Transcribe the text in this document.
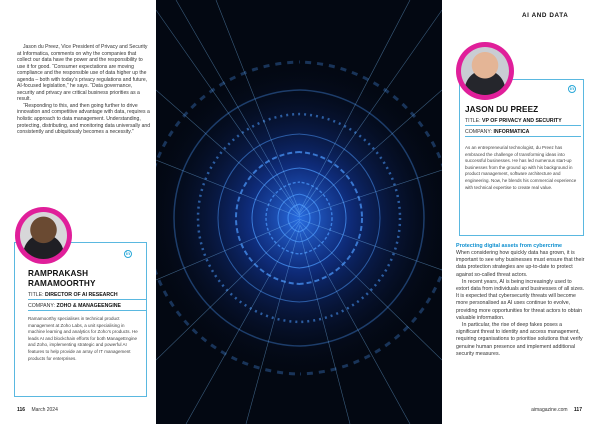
Jason du Preez, Vice President of Privacy and Security at Informatica, comments on why the companies that collect our data have the power and the responsibility to use it for good. “Consumer expectations are moving compliance and the responsible use of data higher up the agenda – both with today’s privacy regulations and future, AI-focused legislation,” he says. “Data governance, security and privacy are critical business priorities as a result.

“Responding to this, and then going further to drive innovation and competitive advantage with data, requires a holistic approach to data management. Understanding, protecting, distributing, and monitoring data universally and consistently and ubiquitously becomes a necessity.”

in
RAMPRAKASH RAMAMOORTHY
TITLE: DIRECTOR OF AI RESEARCH
COMPANY: ZOHO & MANAGEENGINE
Ramamoorthy specialises in technical product management at Zoho Labs, a unit specialising in machine learning and analytics for Zoho’s products. He leads AI and blockchain efforts for both ManageEngine and Zoho, implementing strategic and powerful AI features to help provide an array of IT management products for enterprises.
116 March 2024
AI AND DATA
in
JASON DU PREEZ
TITLE: VP OF PRIVACY AND SECURITY
COMPANY: INFORMATICA
As an entrepreneurial technologist, du Preez has embraced the challenge of transforming ideas into successful businesses. He has led numerous start-up businesses from the ground up with his background in product management, software architecture and engineering. Now, he blends his commercial experience with technical expertise to create real value.
Protecting digital assets from cybercrime

When considering how quickly data has grown, it is important to see why businesses must ensure that their data protection strategies are up-to-date to protect against so-called threat actors.

In recent years, AI is being increasingly used to extort data from individuals and businesses of all sizes. It is expected that cybersecurity threats will become more personalised as AI uses continue to evolve, providing more opportunities for threat actors to obtain valuable information.

In particular, the rise of deep fakes poses a significant threat to identity and access management, requiring organisations to prioritise solutions that verify genuine human presence and implement additional security measures.

aimagazine.com 117
